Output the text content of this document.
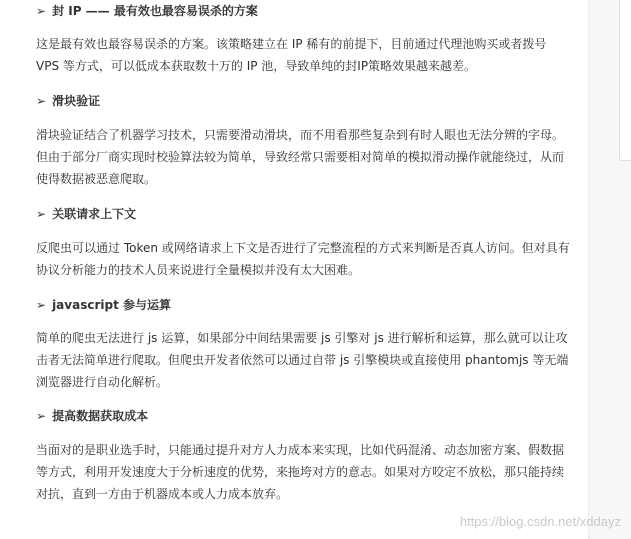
➢ 封 IP —— 最有效也最容易误杀的方案

这是最有效也最容易误杀的方案。该策略建立在 IP 稀有的前提下，目前通过代理池购买或者拨号 VPS 等方式，可以低成本获取数十万的 IP 池，导致单纯的封IP策略效果越来越差。

➢ 滑块验证

滑块验证结合了机器学习技术，只需要滑动滑块，而不用看那些复杂到有时人眼也无法分辨的字母。但由于部分厂商实现时校验算法较为简单，导致经常只需要相对简单的模拟滑动操作就能绕过，从而使得数据被恶意爬取。

➢ 关联请求上下文

反爬虫可以通过 Token 或网络请求上下文是否进行了完整流程的方式来判断是否真人访问。但对具有协议分析能力的技术人员来说进行全量模拟并没有太大困难。

➢ javascript 参与运算

简单的爬虫无法进行 js 运算，如果部分中间结果需要 js 引擎对 js 进行解析和运算，那么就可以让攻击者无法简单进行爬取。但爬虫开发者依然可以通过自带 js 引擎模块或直接使用 phantomjs 等无端浏览器进行自动化解析。

➢ 提高数据获取成本

当面对的是职业选手时，只能通过提升对方人力成本来实现，比如代码混淆、动态加密方案、假数据等方式，利用开发速度大于分析速度的优势，来拖垮对方的意志。如果对方咬定不放松，那只能持续对抗，直到一方由于机器成本或人力成本放弃。

https://blog.csdn.net/xddayz
